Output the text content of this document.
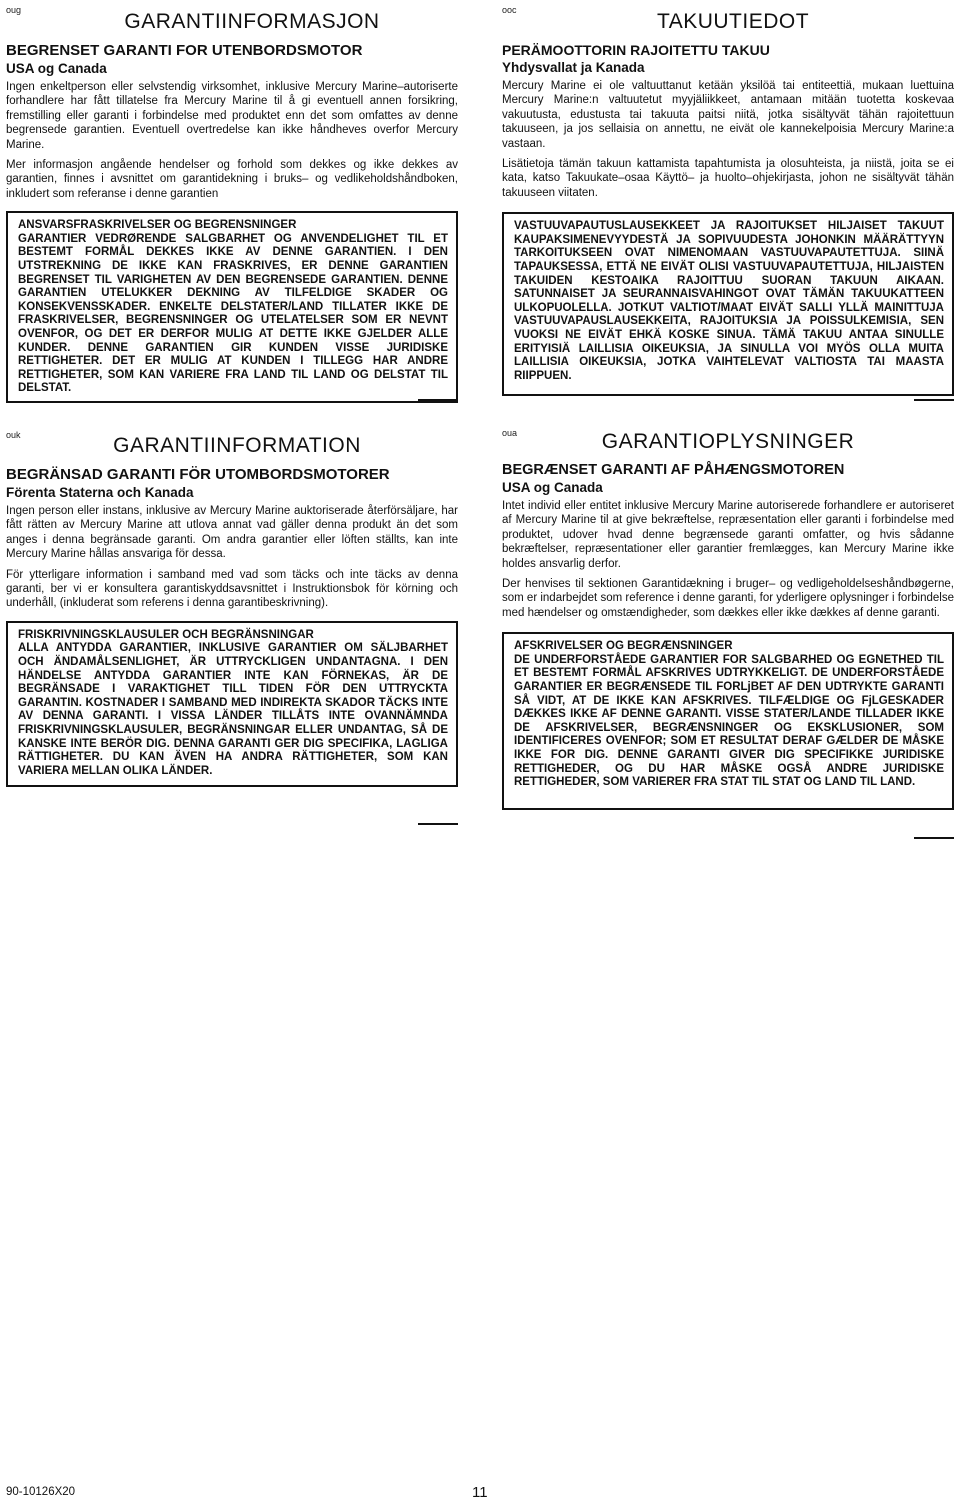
oug	GARANTIINFORMASJON
BEGRENSET GARANTI FOR UTENBORDSMOTOR
USA og Canada

Ingen enkeltperson eller selvstendig virksomhet, inklusive Mercury Marine–autoriserte forhandlere har fått tillatelse fra Mercury Marine til å gi eventuell annen forsikring, fremstilling eller garanti i forbindelse med produktet enn det som omfattes av denne begrensede garantien. Eventuell overtredelse kan ikke håndheves overfor Mercury Marine.

Mer informasjon angående hendelser og forhold som dekkes og ikke dekkes av garantien, finnes i avsnittet om garantidekning i bruks– og vedlikeholdshåndboken, inkludert som referanse i denne garantien

ANSVARSFRASKRIVELSER OG BEGRENSNINGER

GARANTIER VEDRØRENDE SALGBARHET OG ANVENDELIGHET TIL ET BESTEMT FORMÅL DEKKES IKKE AV DENNE GARANTIEN. I DEN UTSTREKNING DE IKKE KAN FRASKRIVES, ER DENNE GARANTIEN BEGRENSET TIL VARIGHETEN AV DEN BEGRENSEDE GARANTIEN. DENNE GARANTIEN UTELUKKER DEKNING AV TILFELDIGE SKADER OG KONSEKVENSSKADER. ENKELTE DELSTATER/LAND TILLATER IKKE DE FRASKRIVELSER, BEGRENSNINGER OG UTELATELSER SOM ER NEVNT OVENFOR, OG DET ER DERFOR MULIG AT DETTE IKKE GJELDER ALLE KUNDER. DENNE GARANTIEN GIR KUNDEN VISSE JURIDISKE RETTIGHETER. DET ER MULIG AT KUNDEN I TILLEGG HAR ANDRE RETTIGHETER, SOM KAN VARIERE FRA LAND TIL LAND OG DELSTAT TIL DELSTAT.

ooc	TAKUUTIEDOT
PERÄMOOTTORIN RAJOITETTU TAKUU
Yhdysvallat ja Kanada

Mercury Marine ei ole valtuuttanut ketään yksilöä tai entiteettiä, mukaan luettuina Mercury Marine:n valtuutetut myyjäliikkeet, antamaan mitään tuotetta koskevaa vakuutusta, edustusta tai takuuta paitsi niitä, jotka sisältyvät tähän rajoitettuun takuuseen, ja jos sellaisia on annettu, ne eivät ole kannekelpoisia Mercury Marine:a vastaan.

Lisätietoja tämän takuun kattamista tapahtumista ja olosuhteista, ja niistä, joita se ei kata, katso Takuukate–osaa Käyttö– ja huolto–ohjekirjasta, johon ne sisältyvät tähän takuuseen viitaten.

VASTUUVAPAUTUSLAUSEKKEET JA RAJOITUKSET HILJAISET TAKUUT KAUPAKSIMENEVYYDESTÄ JA SOPIVUUDESTA JOHONKIN MÄÄRÄTTYYN TARKOITUKSEEN OVAT NIMENOMAAN VASTUUVAPAUTETTUJA. SIINÄ TAPAUKSESSA, ETTÄ NE EIVÄT OLISI VASTUUVAPAUTETTUJA, HILJAISTEN TAKUIDEN KESTOAIKA RAJOITTUU SUORAN TAKUUN AIKAAN. SATUNNAISET JA SEURANNAISVAHINGOT OVAT TÄMÄN TAKUUKATTEEN ULKOPUOLELLA. JOTKUT VALTIOT/MAAT EIVÄT SALLI YLLÄ MAINITTUJA VASTUUVAPAUSLAUSEKKEITA, RAJOITUKSIA JA POISSULKEMISIA, SEN VUOKSI NE EIVÄT EHKÄ KOSKE SINUA. TÄMÄ TAKUU ANTAA SINULLE ERITYISIÄ LAILLISIA OIKEUKSIA, JA SINULLA VOI MYÖS OLLA MUITA LAILLISIA OIKEUKSIA, JOTKA VAIHTELEVAT VALTIOSTA TAI MAASTA RIIPPUEN.

ouk	GARANTIINFORMATION
BEGRÄNSAD GARANTI FÖR UTOMBORDSMOTORER
Förenta Staterna och Kanada

Ingen person eller instans, inklusive av Mercury Marine auktoriserade återförsäljare, har fått rätten av Mercury Marine att utlova annat vad gäller denna produkt än det som anges i denna begränsade garanti. Om andra garantier eller löften ställts, kan inte Mercury Marine hållas ansvariga för dessa.

För ytterligare information i samband med vad som täcks och inte täcks av denna garanti, ber vi er konsultera garantiskyddsavsnittet i Instruktionsbok för körning och underhåll, (inkluderat som referens i denna garantibeskrivning).

FRISKRIVNINGSKLAUSULER OCH BEGRÄNSNINGAR

ALLA ANTYDDA GARANTIER, INKLUSIVE GARANTIER OM SÄLJBARHET OCH ÄNDAMÅLSENLIGHET, ÄR UTTRYCKLIGEN UNDANTAGNA. I DEN HÄNDELSE ANTYDDA GARANTIER INTE KAN FÖRNEKAS, ÄR DE BEGRÄNSADE I VARAKTIGHET TILL TIDEN FÖR DEN UTTRYCKTA GARANTIN. KOSTNADER I SAMBAND MED INDIREKTA SKADOR TÄCKS INTE AV DENNA GARANTI. I VISSA LÄNDER TILLÅTS INTE OVANNÄMNDA FRISKRIVNINGSKLAUSULER, BEGRÄNSNINGAR ELLER UNDANTAG, SÅ DE KANSKE INTE BERÖR DIG. DENNA GARANTI GER DIG SPECIFIKA, LAGLIGA RÄTTIGHETER. DU KAN ÄVEN HA ANDRA RÄTTIGHETER, SOM KAN VARIERA MELLAN OLIKA LÄNDER.

oua	GARANTIOPLYSNINGER
BEGRÆNSET GARANTI AF PÅHÆNGSMOTOREN
USA og Canada

Intet individ eller entitet inklusive Mercury Marine autoriserede forhandlere er autoriseret af Mercury Marine til at give bekræftelse, repræsentation eller garanti i forbindelse med produktet, udover hvad denne begrænsede garanti omfatter, og hvis sådanne bekræftelser, repræsentationer eller garantier fremlægges, kan Mercury Marine ikke holdes ansvarlig derfor.

Der henvises til sektionen Garantidækning i bruger– og vedligeholdelseshåndbøgerne, som er indarbejdet som reference i denne garanti, for yderligere oplysninger i forbindelse med hændelser og omstændigheder, som dækkes eller ikke dækkes af denne garanti.

AFSKRIVELSER OG BEGRÆNSNINGER

DE UNDERFORSTÅEDE GARANTIER FOR SALGBARHED OG EGNETHED TIL ET BESTEMT FORMÅL AFSKRIVES UDTRYKKELIGT. DE UNDERFORSTÅEDE GARANTIER ER BEGRÆNSEDE TIL FORLjBET AF DEN UDTRYKTE GARANTI SÅ VIDT, AT DE IKKE KAN AFSKRIVES. TILFÆLDIGE OG FjLGESKADER DÆKKES IKKE AF DENNE GARANTI. VISSE STATER/LANDE TILLADER IKKE DE AFSKRIVELSER, BEGRÆNSNINGER OG EKSKLUSIONER, SOM IDENTIFICERES OVENFOR; SOM ET RESULTAT DERAF GÆLDER DE MÅSKE IKKE FOR DIG. DENNE GARANTI GIVER DIG SPECIFIKKE JURIDISKE RETTIGHEDER, OG DU HAR MÅSKE OGSÅ ANDRE JURIDISKE RETTIGHEDER, SOM VARIERER FRA STAT TIL STAT OG LAND TIL LAND.

90-10126X20	11
